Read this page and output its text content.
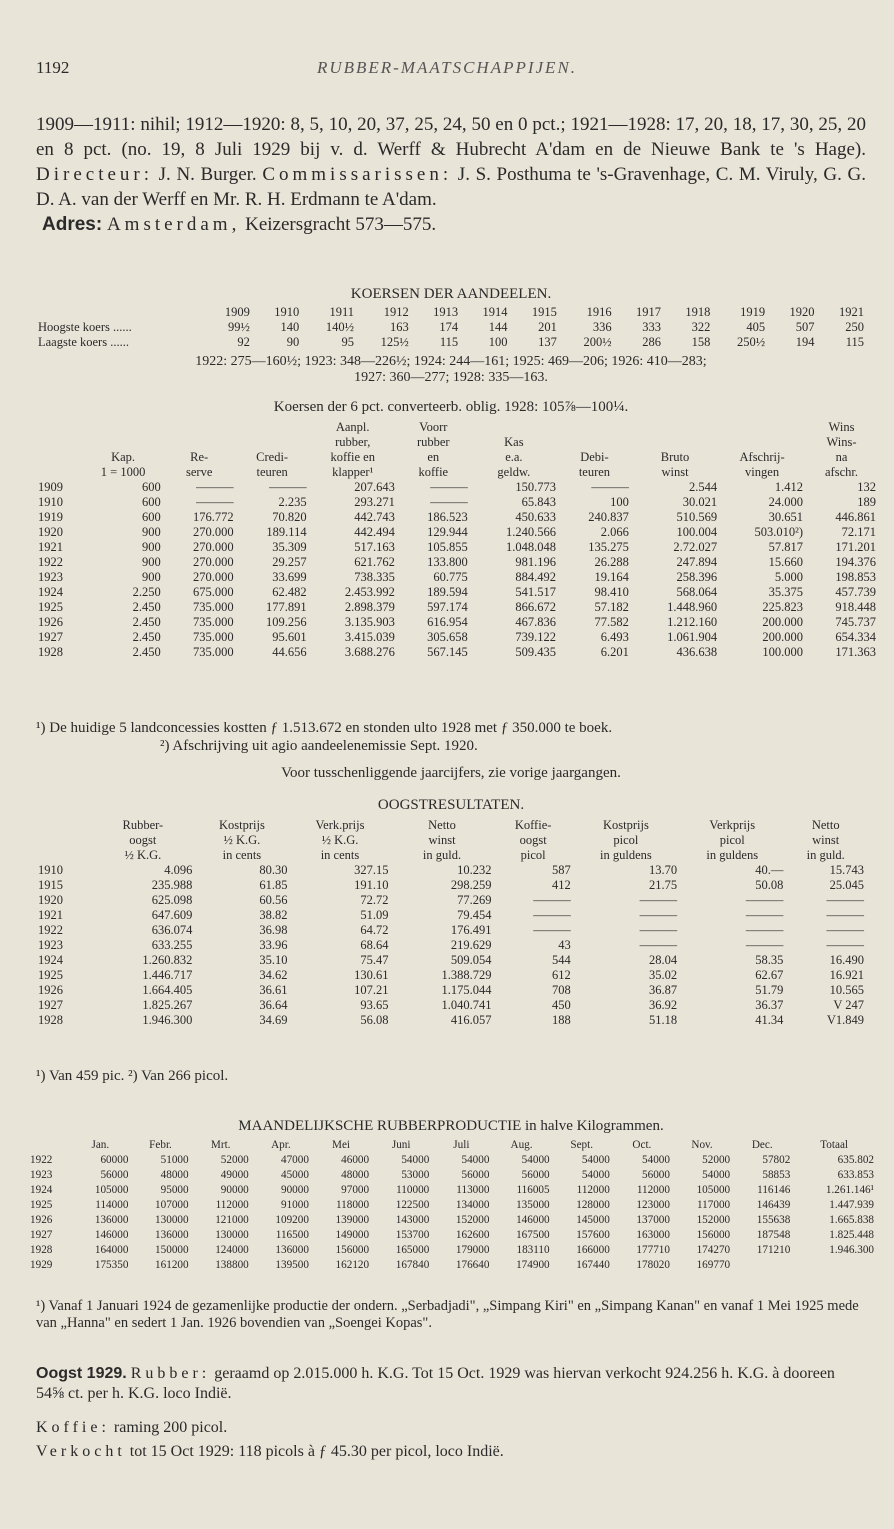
1192	RUBBER-MAATSCHAPPIJEN.

1909—1911: nihil; 1912—1920: 8, 5, 10, 20, 37, 25, 24, 50 en 0 pct.; 1921—1928: 17, 20, 18, 17, 30, 25, 20 en 8 pct. (no. 19, 8 Juli 1929 bij v. d. Werff & Hubrecht A'dam en de Nieuwe Bank te 's Hage). Directeur: J. N. Burger. Commissarissen: J. S. Posthuma te 's-Gravenhage, C. M. Viruly, G. G. D. A. van der Werff en Mr. R. H. Erdmann te A'dam.

Adres: Amsterdam, Keizersgracht 573—575.

KOERSEN DER AANDEELEN.
	1909	1910	1911	1912	1913	1914	1915	1916	1917	1918	1919	1920	1921
Hoogste koers ......	99½	140	140½	163	174	144	201	336	333	322	405	507	250
Laagste koers ......	92	90	95	125½	115	100	137	200½	286	158	250½	194	115
1922: 275—160½; 1923: 348—226½; 1924: 244—161; 1925: 469—206; 1926: 410—283;
1927: 360—277; 1928: 335—163.
Koersen der 6 pct. converteerb. oblig. 1928: 105⅞—100¼.
				Aanpl.	Voorr					Wins
				rubber,	rubber	Kas				Wins-
	Kap.	Re-	Credi-	koffie en	en	e.a.	Debi-	Bruto	Afschrij-	na
	1 = 1000	serve	teuren	klapper¹	koffie	geldw.	teuren	winst	vingen	afschr.
1909	600	———	———	207.643	———	150.773	———	2.544	1.412	132
1910	600	———	2.235	293.271	———	65.843	100	30.021	24.000	189
1919	600	176.772	70.820	442.743	186.523	450.633	240.837	510.569	30.651	446.861
1920	900	270.000	189.114	442.494	129.944	1.240.566	2.066	100.004	503.010²)	72.171
1921	900	270.000	35.309	517.163	105.855	1.048.048	135.275	2.72.027	57.817	171.201
1922	900	270.000	29.257	621.762	133.800	981.196	26.288	247.894	15.660	194.376
1923	900	270.000	33.699	738.335	60.775	884.492	19.164	258.396	5.000	198.853
1924	2.250	675.000	62.482	2.453.992	189.594	541.517	98.410	568.064	35.375	457.739
1925	2.450	735.000	177.891	2.898.379	597.174	866.672	57.182	1.448.960	225.823	918.448
1926	2.450	735.000	109.256	3.135.903	616.954	467.836	77.582	1.212.160	200.000	745.737
1927	2.450	735.000	95.601	3.415.039	305.658	739.122	6.493	1.061.904	200.000	654.334
1928	2.450	735.000	44.656	3.688.276	567.145	509.435	6.201	436.638	100.000	171.363
¹) De huidige 5 landconcessies kostten ƒ 1.513.672 en stonden ulto 1928 met ƒ 350.000 te boek.
²) Afschrijving uit agio aandeelenemissie Sept. 1920.
Voor tusschenliggende jaarcijfers, zie vorige jaargangen.
OOGSTRESULTATEN.
	Rubber-	Kostprijs	Verk.prijs	Netto	Koffie-	Kostprijs	Verkprijs	Netto
	oogst	½ K.G.	½ K.G.	winst	oogst	picol	picol	winst
	½ K.G.	in cents	in cents	in guld.	picol	in guldens	in guldens	in guld.
1910	4.096	80.30	327.15	10.232	587	13.70	40.—	15.743
1915	235.988	61.85	191.10	298.259	412	21.75	50.08	25.045
1920	625.098	60.56	72.72	77.269	———	———	———	———
1921	647.609	38.82	51.09	79.454	———	———	———	———
1922	636.074	36.98	64.72	176.491	———	———	———	———
1923	633.255	33.96	68.64	219.629	43	———	———	———
1924	1.260.832	35.10	75.47	509.054	544	28.04	58.35	16.490
1925	1.446.717	34.62	130.61	1.388.729	612	35.02	62.67	16.921
1926	1.664.405	36.61	107.21	1.175.044	708	36.87	51.79	10.565
1927	1.825.267	36.64	93.65	1.040.741	450	36.92	36.37	V 247
1928	1.946.300	34.69	56.08	416.057	188	51.18	41.34	V1.849
¹) Van 459 pic. ²) Van 266 picol.
MAANDELIJKSCHE RUBBERPRODUCTIE in halve Kilogrammen.
	Jan.	Febr.	Mrt.	Apr.	Mei	Juni	Juli	Aug.	Sept.	Oct.	Nov.	Dec.	Totaal
1922	60000	51000	52000	47000	46000	54000	54000	54000	54000	54000	52000	57802	635.802
1923	56000	48000	49000	45000	48000	53000	56000	56000	54000	56000	54000	58853	633.853
1924	105000	95000	90000	90000	97000	110000	113000	116005	112000	112000	105000	116146	1.261.146¹
1925	114000	107000	112000	91000	118000	122500	134000	135000	128000	123000	117000	146439	1.447.939
1926	136000	130000	121000	109200	139000	143000	152000	146000	145000	137000	152000	155638	1.665.838
1927	146000	136000	130000	116500	149000	153700	162600	167500	157600	163000	156000	187548	1.825.448
1928	164000	150000	124000	136000	156000	165000	179000	183110	166000	177710	174270	171210	1.946.300
1929	175350	161200	138800	139500	162120	167840	176640	174900	167440	178020	169770		
¹) Vanaf 1 Januari 1924 de gezamenlijke productie der ondern. „Serbadjadi", „Simpang Kiri" en „Simpang Kanan" en vanaf 1 Mei 1925 mede van „Hanna" en sedert 1 Jan. 1926 bovendien van „Soengei Kopas".
Oogst 1929. Rubber: geraamd op 2.015.000 h. K.G. Tot 15 Oct. 1929 was hiervan verkocht 924.256 h. K.G. à dooreen 54⅝ ct. per h. K.G. loco Indië.
Koffie: raming 200 picol.
Verkocht tot 15 Oct 1929: 118 picols à ƒ 45.30 per picol, loco Indië.
